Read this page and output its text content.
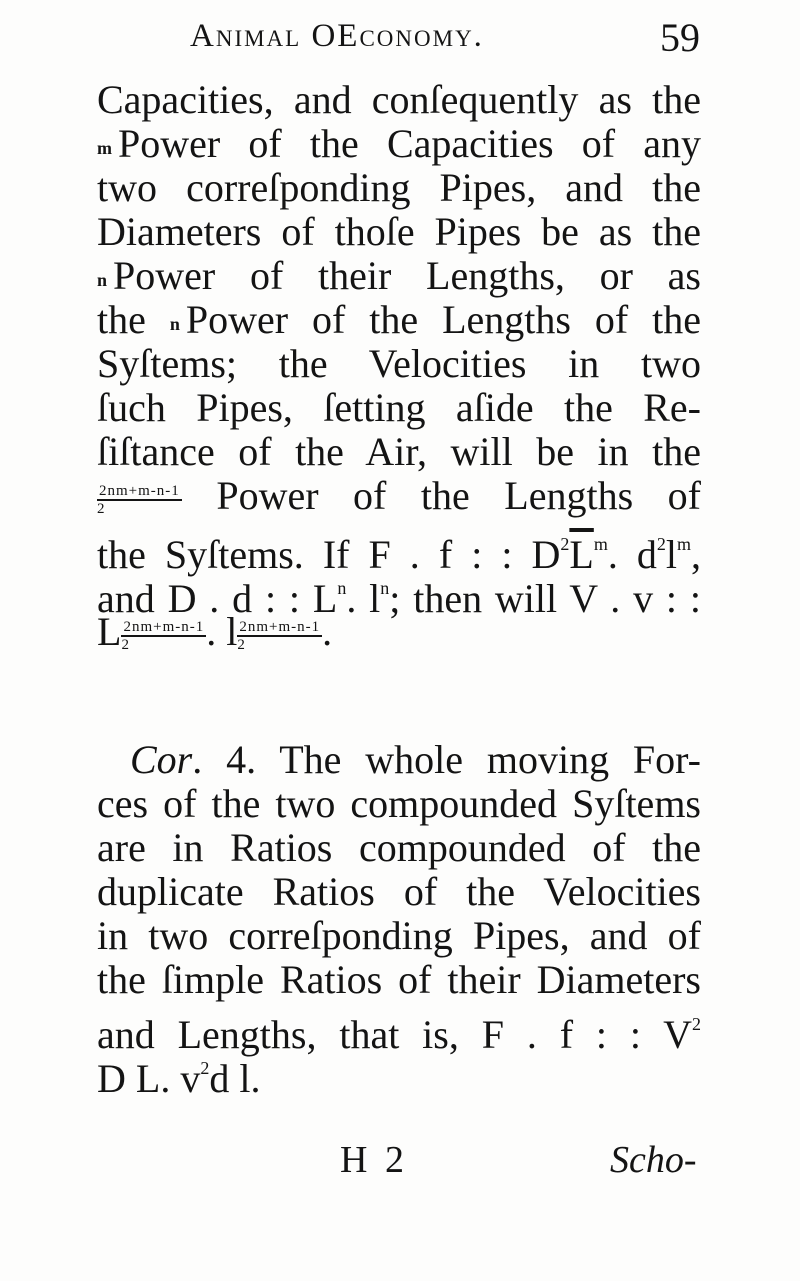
Animal OEconomy.	59
Capacities, and conſequently as the
m Power of the Capacities of any
two correſponding Pipes, and the
Diameters of thoſe Pipes be as the
n Power of their Lengths, or as
the n Power of the Lengths of the
Syſtems; the Velocities in two
ſuch Pipes, ſetting aſide the Re-
ſiſtance of the Air, will be in the
$\frac{2nm+m-n-1}{2}$ Power of the Lengths of
the Syſtems. If F . f : : $D^2\overline{L}^m$. $d^2l^m$,
and D . d : : $L^n$. $l^n$; then will V . v : :
L $\frac{2nm+m-n-1}{2}$ . l $\frac{2nm+m-n-1}{2}$ .
Cor. 4. The whole moving For-
ces of the two compounded Syſtems
are in Ratios compounded of the
duplicate Ratios of the Velocities
in two correſponding Pipes, and of
the ſimple Ratios of their Diameters
and Lengths, that is, F . f : : $V^2$
D L. $v^2d$ l.
H 2	Scho-
